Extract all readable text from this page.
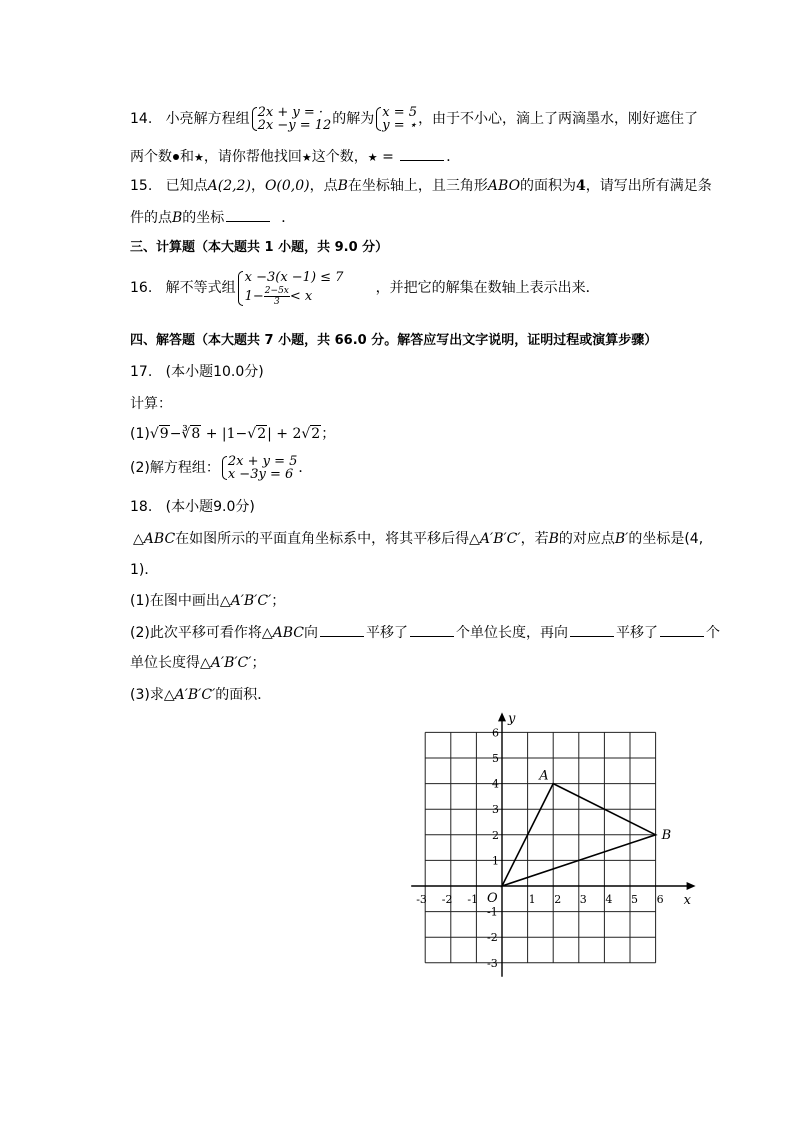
14. 小亮解方程组 2x + y = ·
2x −y = 12 的解为 x = 5
y = ⋆ ，由于不小心，滴上了两滴墨水，刚好遮住了
两个数 和★，请你帮他找回★这个数，★ =	．
15. 已知点A(2,2)，O(0,0)，点B在坐标轴上，且三角形ABO的面积为4，请写出所有满足条
件的点B的坐标	．
三、计算题（本大题共 1 小题，共 9.0 分）
16. 解不等式组
x −3(x −1) ≤ 7
$1- \frac{2-5x}{3} < x$	，并把它的解集在数轴上表示出来．
四、解答题（本大题共 7 小题，共 66.0 分。解答应写出文字说明，证明过程或演算步骤）
17. (本小题10.0分)
计算：
(1)√9−∛8 + |1−√2| + 2√2；
(2)解方程组： 2x + y = 5
x −3y = 6 ．
18. (本小题9.0分)
△ABC在如图所示的平面直角坐标系中，将其平移后得△A′B′C′，若B的对应点B′的坐标是(4,
1)．
(1)在图中画出△A′B′C′；
(2)此次平移可看作将△ABC向	平移了	个单位长度，再向	平移了	个
单位长度得△A′B′C′；
(3)求△A′B′C′的面积．
-3 -2 -1	1 2 3 4 5 6
-3
-2
-1
1
2
3
4
5
6
O	x
y
A
B
